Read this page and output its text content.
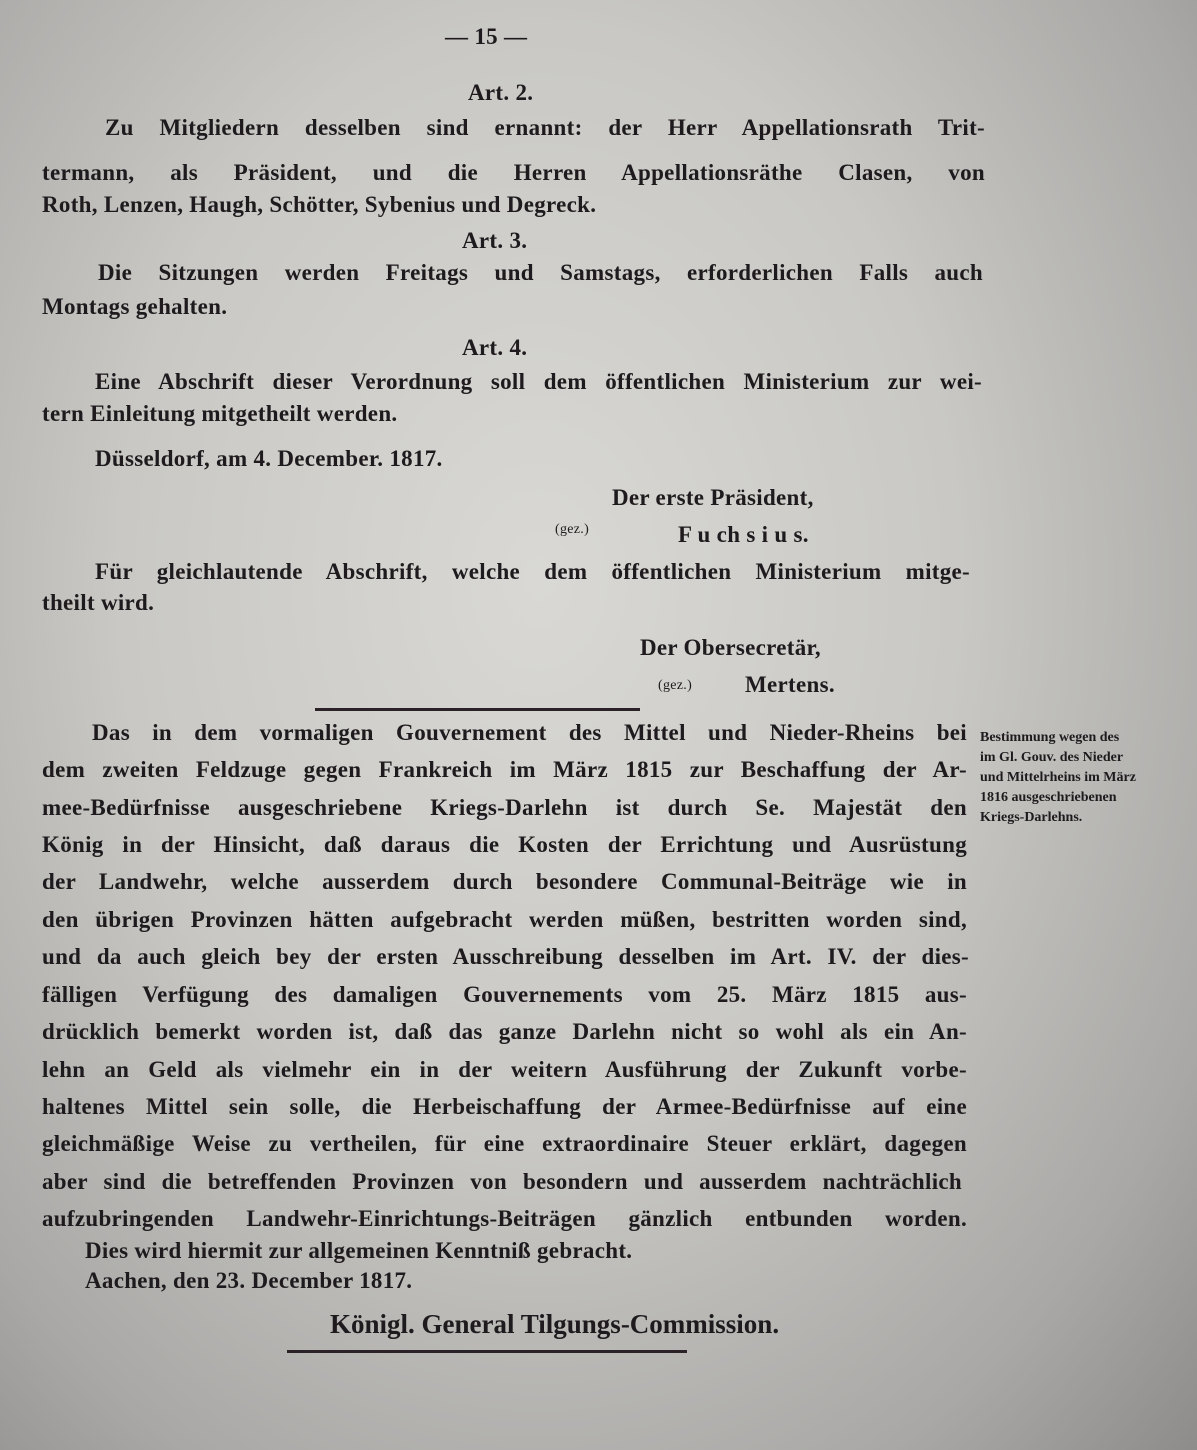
— 15 —
Art. 2.
Zu Mitgliedern desselben sind ernannt: der Herr Appellationsrath Trit-
termann, als Präsident, und die Herren Appellationsräthe Clasen, von
Roth, Lenzen, Haugh, Schötter, Sybenius und Degreck.
Art. 3.
Die Sitzungen werden Freitags und Samstags, erforderlichen Falls auch
Montags gehalten.
Art. 4.
Eine Abschrift dieser Verordnung soll dem öffentlichen Ministerium zur wei-
tern Einleitung mitgetheilt werden.
Düsseldorf, am 4. December. 1817.
Der erste Präsident,
(gez.)	F u ch s i u s.
Für gleichlautende Abschrift, welche dem öffentlichen Ministerium mitge-
theilt wird.
Der Obersecretär,
(gez.) Mertens.
Das in dem vormaligen Gouvernement des Mittel und Nieder-Rheins bei
dem zweiten Feldzuge gegen Frankreich im März 1815 zur Beschaffung der Ar-
mee-Bedürfnisse ausgeschriebene Kriegs-Darlehn ist durch Se. Majestät den
König in der Hinsicht, daß daraus die Kosten der Errichtung und Ausrüstung
der Landwehr, welche ausserdem durch besondere Communal-Beiträge wie in
den übrigen Provinzen hätten aufgebracht werden müßen, bestritten worden sind,
und da auch gleich bey der ersten Ausschreibung desselben im Art. IV. der dies-
fälligen Verfügung des damaligen Gouvernements vom 25. März 1815 aus-
drücklich bemerkt worden ist, daß das ganze Darlehn nicht so wohl als ein An-
lehn an Geld als vielmehr ein in der weitern Ausführung der Zukunft vorbe-
haltenes Mittel sein solle, die Herbeischaffung der Armee-Bedürfnisse auf eine
gleichmäßige Weise zu vertheilen, für eine extraordinaire Steuer erklärt, dagegen
aber sind die betreffenden Provinzen von besondern und ausserdem nachträchlich
aufzubringenden Landwehr-Einrichtungs-Beiträgen gänzlich entbunden worden.
Dies wird hiermit zur allgemeinen Kenntniß gebracht.
Aachen, den 23. December 1817.
Bestimmung wegen des im Gl. Gouv. des Nieder und Mittelrheins im März 1816 ausgeschriebenen Kriegs-Darlehns.
Königl. General Tilgungs-Commission.
